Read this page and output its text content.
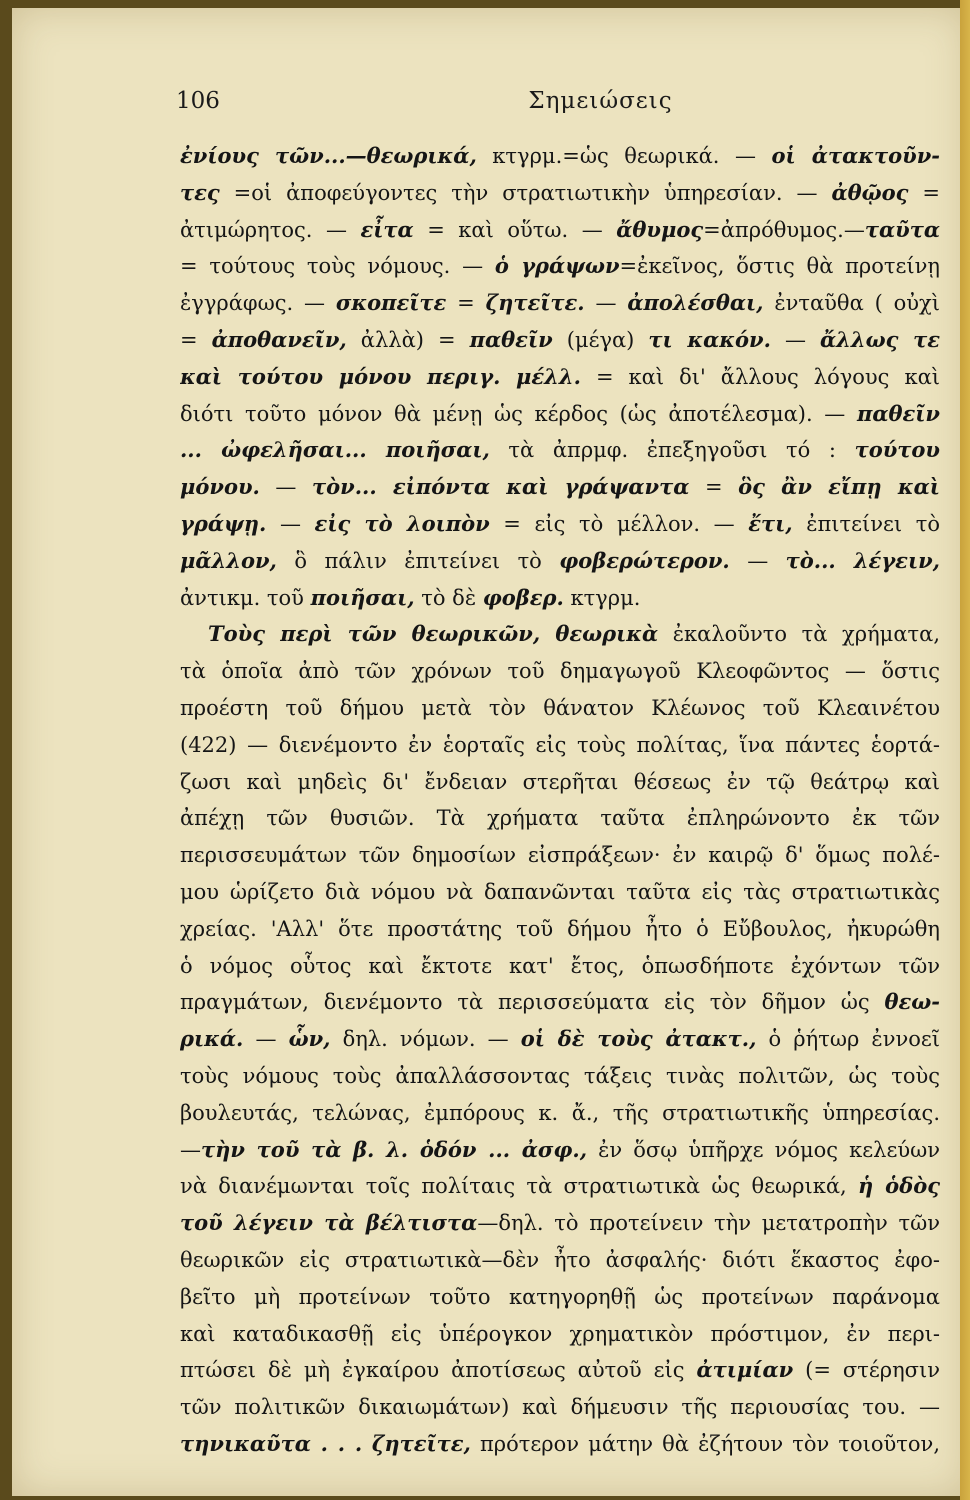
106	Σημειώσεις
ἐνίους τῶν...—θεωρικά, κτγρμ.=ὡς θεωρικά. — οἱ ἀτακτοῦν-
τες =οἱ ἀποφεύγοντες τὴν στρατιωτικὴν ὑπηρεσίαν. — ἀθῷος =
ἀτιμώρητος. — εἶτα = καὶ οὕτω. — ἄθυμος=ἀπρόθυμος.—ταῦτα
= τούτους τοὺς νόμους. — ὁ γράψων=ἐκεῖνος, ὅστις θὰ προτείνῃ
ἐγγράφως. — σκοπεῖτε = ζητεῖτε. — ἀπολέσθαι, ἐνταῦθα ( οὐχὶ
= ἀποθανεῖν, ἀλλὰ) = παθεῖν (μέγα) τι κακόν. — ἄλλως τε
καὶ τούτου μόνου περιγ. μέλλ. = καὶ δι' ἄλλους λόγους καὶ
διότι τοῦτο μόνον θὰ μένῃ ὡς κέρδος (ὡς ἀποτέλεσμα). — παθεῖν
... ὠφελῆσαι... ποιῆσαι, τὰ ἀπρμφ. ἐπεξηγοῦσι τό : τούτου
μόνου. — τὸν... εἰπόντα καὶ γράψαντα = ὃς ἂν εἴπῃ καὶ
γράψῃ. — εἰς τὸ λοιπὸν = εἰς τὸ μέλλον. — ἔτι, ἐπιτείνει τὸ
μᾶλλον, ὃ πάλιν ἐπιτείνει τὸ φοβερώτερον. — τὸ... λέγειν,
ἀντικμ. τοῦ ποιῆσαι, τὸ δὲ φοβερ. κτγρμ.
Τοὺς περὶ τῶν θεωρικῶν, θεωρικὰ ἐκαλοῦντο τὰ χρήματα,
τὰ ὁποῖα ἀπὸ τῶν χρόνων τοῦ δημαγωγοῦ Κλεοφῶντος — ὅστις
προέστη τοῦ δήμου μετὰ τὸν θάνατον Κλέωνος τοῦ Κλεαινέτου
(422) — διενέμοντο ἐν ἑορταῖς εἰς τοὺς πολίτας, ἵνα πάντες ἑορτά-
ζωσι καὶ μηδεὶς δι' ἔνδειαν στερῆται θέσεως ἐν τῷ θεάτρῳ καὶ
ἀπέχῃ τῶν θυσιῶν. Τὰ χρήματα ταῦτα ἐπληρώνοντο ἐκ τῶν
περισσευμάτων τῶν δημοσίων εἰσπράξεων· ἐν καιρῷ δ' ὅμως πολέ-
μου ὡρίζετο διὰ νόμου νὰ δαπανῶνται ταῦτα εἰς τὰς στρατιωτικὰς
χρείας. 'Αλλ' ὅτε προστάτης τοῦ δήμου ἦτο ὁ Εὔβουλος, ἠκυρώθη
ὁ νόμος οὗτος καὶ ἔκτοτε κατ' ἔτος, ὁπωσδήποτε ἐχόντων τῶν
πραγμάτων, διενέμοντο τὰ περισσεύματα εἰς τὸν δῆμον ὡς θεω-
ρικά. — ὧν, δηλ. νόμων. — οἱ δὲ τοὺς ἀτακτ., ὁ ῥήτωρ ἐννοεῖ
τοὺς νόμους τοὺς ἀπαλλάσσοντας τάξεις τινὰς πολιτῶν, ὡς τοὺς
βουλευτάς, τελώνας, ἐμπόρους κ. ἄ., τῆς στρατιωτικῆς ὑπηρεσίας.
—τὴν τοῦ τὰ β. λ. ὁδόν ... ἀσφ., ἐν ὅσῳ ὑπῆρχε νόμος κελεύων
νὰ διανέμωνται τοῖς πολίταις τὰ στρατιωτικὰ ὡς θεωρικά, ἡ ὁδὸς
τοῦ λέγειν τὰ βέλτιστα—δηλ. τὸ προτείνειν τὴν μετατροπὴν τῶν
θεωρικῶν εἰς στρατιωτικὰ—δὲν ἦτο ἀσφαλής· διότι ἕκαστος ἐφο-
βεῖτο μὴ προτείνων τοῦτο κατηγορηθῇ ὡς προτείνων παράνομα
καὶ καταδικασθῇ εἰς ὑπέρογκον χρηματικὸν πρόστιμον, ἐν περι-
πτώσει δὲ μὴ ἐγκαίρου ἀποτίσεως αὐτοῦ εἰς ἀτιμίαν (= στέρησιν
τῶν πολιτικῶν δικαιωμάτων) καὶ δήμευσιν τῆς περιουσίας του. —
τηνικαῦτα . . . ζητεῖτε, πρότερον μάτην θὰ ἐζήτουν τὸν τοιοῦτον,
